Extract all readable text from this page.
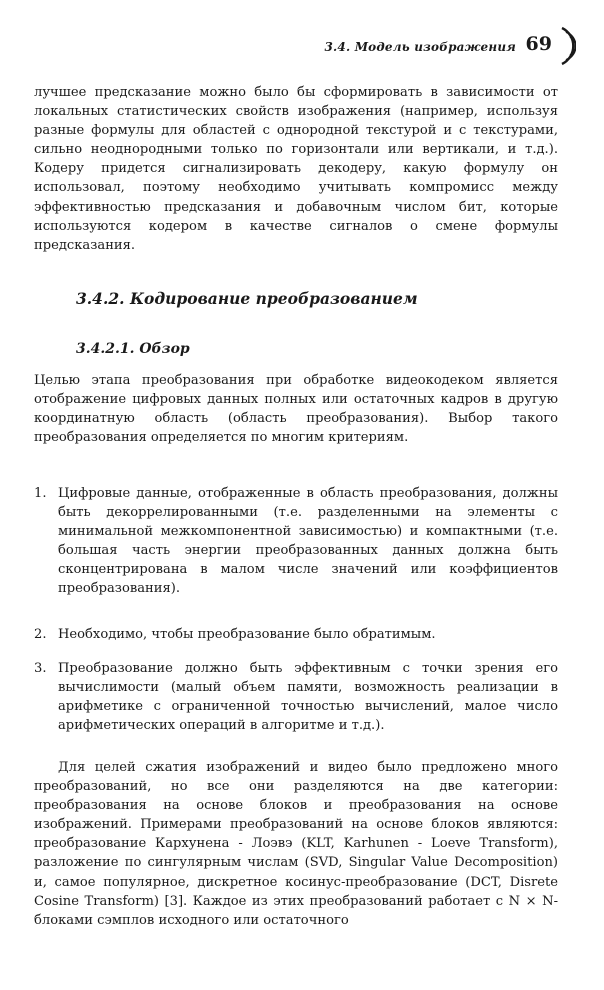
3.4. Модель изображения 69

лучшее предсказание можно было бы сформировать в зависимости от локальных статистических свойств изображения (например, используя разные формулы для областей с однородной текстурой и с текстурами, сильно неоднородными только по горизонтали или вертикали, и т.д.). Кодеру придется сигнализировать декодеру, какую формулу он использовал, поэтому необходимо учитывать компромисс между эффективностью предсказания и добавочным числом бит, которые используются кодером в качестве сигналов о смене формулы предсказания.

3.4.2. Кодирование преобразованием
3.4.2.1. Обзор

Целью этапа преобразования при обработке видеокодеком является отображение цифровых данных полных или остаточных кадров в другую координатную область (область преобразования). Выбор такого преобразования определяется по многим критериям.

1. Цифровые данные, отображенные в область преобразования, должны быть декоррелированными (т.е. разделенными на элементы с минимальной межкомпонентной зависимостью) и компактными (т.е. большая часть энергии преобразованных данных должна быть сконцентрирована в малом числе значений или коэффициентов преобразования).
2. Необходимо, чтобы преобразование было обратимым.
3. Преобразование должно быть эффективным с точки зрения его вычислимости (малый объем памяти, возможность реализации в арифметике с ограниченной точностью вычислений, малое число арифметических операций в алгоритме и т.д.).

Для целей сжатия изображений и видео было предложено много преобразований, но все они разделяются на две категории: преобразования на основе блоков и преобразования на основе изображений. Примерами преобразований на основе блоков являются: преобразование Кархунена - Лоэвэ (KLT, Karhunen - Loeve Transform), разложение по сингулярным числам (SVD, Singular Value Decomposition) и, самое популярное, дискретное косинус-преобразование (DCT, Disrete Cosine Transform) [3]. Каждое из этих преобразований работает с N × N-блоками сэмплов исходного или остаточного
